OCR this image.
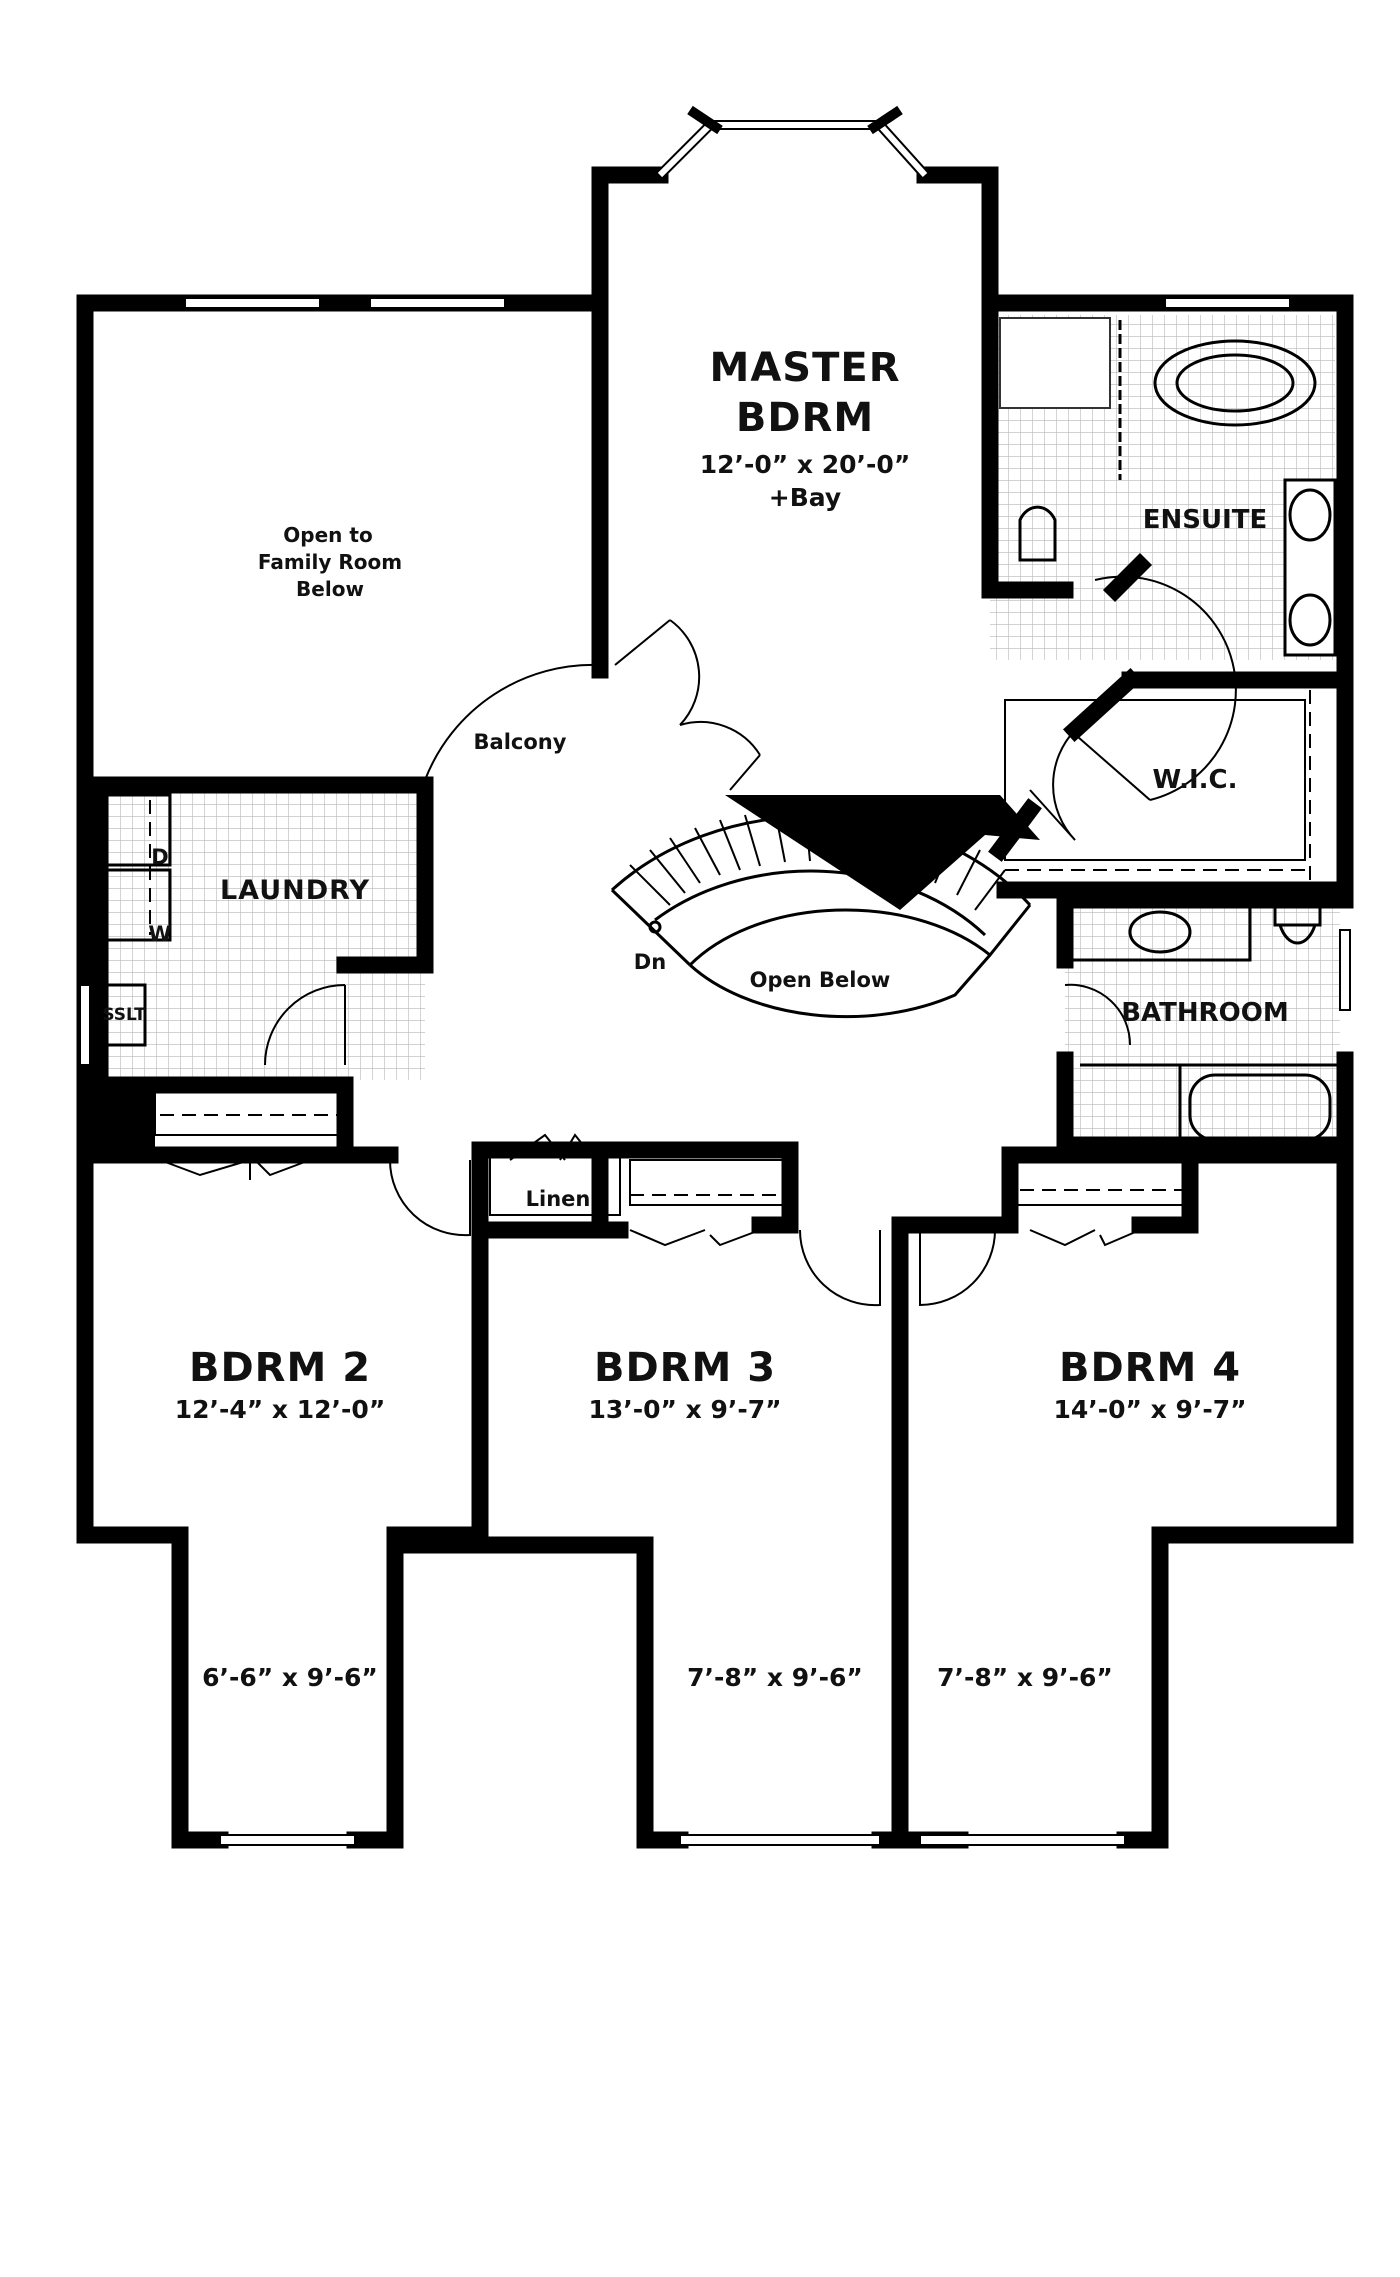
MASTER
BDRM
12’-0” x 20’-0”
+Bay
ENSUITE
W.I.C.
LAUNDRY
D
W
SSLT	BATHROOM
Linen
Balcony
Open to
Family Room
Below
Dn
Open Below
BDRM 2
12’-4” x 12’-0”
6’-6” x 9’-6”
BDRM 3
13’-0” x 9’-7”
7’-8” x 9’-6”
BDRM 4
14’-0” x 9’-7”
7’-8” x 9’-6”
